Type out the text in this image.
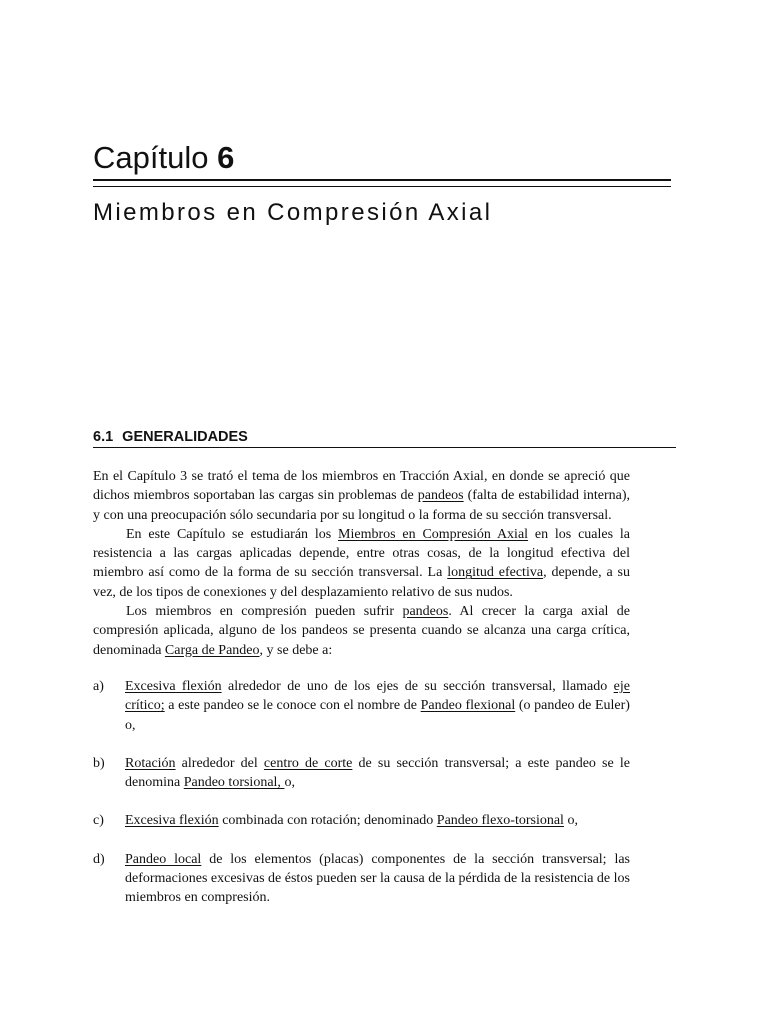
Capítulo 6
Miembros en Compresión Axial
6.1 GENERALIDADES

En el Capítulo 3 se trató el tema de los miembros en Tracción Axial, en donde se apreció que dichos miembros soportaban las cargas sin problemas de pandeos (falta de estabilidad interna), y con una preocupación sólo secundaria por su longitud o la forma de su sección transversal.

En este Capítulo se estudiarán los Miembros en Compresión Axial en los cuales la resistencia a las cargas aplicadas depende, entre otras cosas, de la longitud efectiva del miembro así como de la forma de su sección transversal. La longitud efectiva, depende, a su vez, de los tipos de conexiones y del desplazamiento relativo de sus nudos.

Los miembros en compresión pueden sufrir pandeos. Al crecer la carga axial de compresión aplicada, alguno de los pandeos se presenta cuando se alcanza una carga crítica, denominada Carga de Pandeo, y se debe a:

a)	Excesiva flexión alrededor de uno de los ejes de su sección transversal, llamado eje crítico; a este pandeo se le conoce con el nombre de Pandeo flexional (o pandeo de Euler) o,
b)	Rotación alrededor del centro de corte de su sección transversal; a este pandeo se le denomina Pandeo torsional, o,
c)	Excesiva flexión combinada con rotación; denominado Pandeo flexo-torsional o,
d)	Pandeo local de los elementos (placas) componentes de la sección transversal; las deformaciones excesivas de éstos pueden ser la causa de la pérdida de la resistencia de los miembros en compresión.
